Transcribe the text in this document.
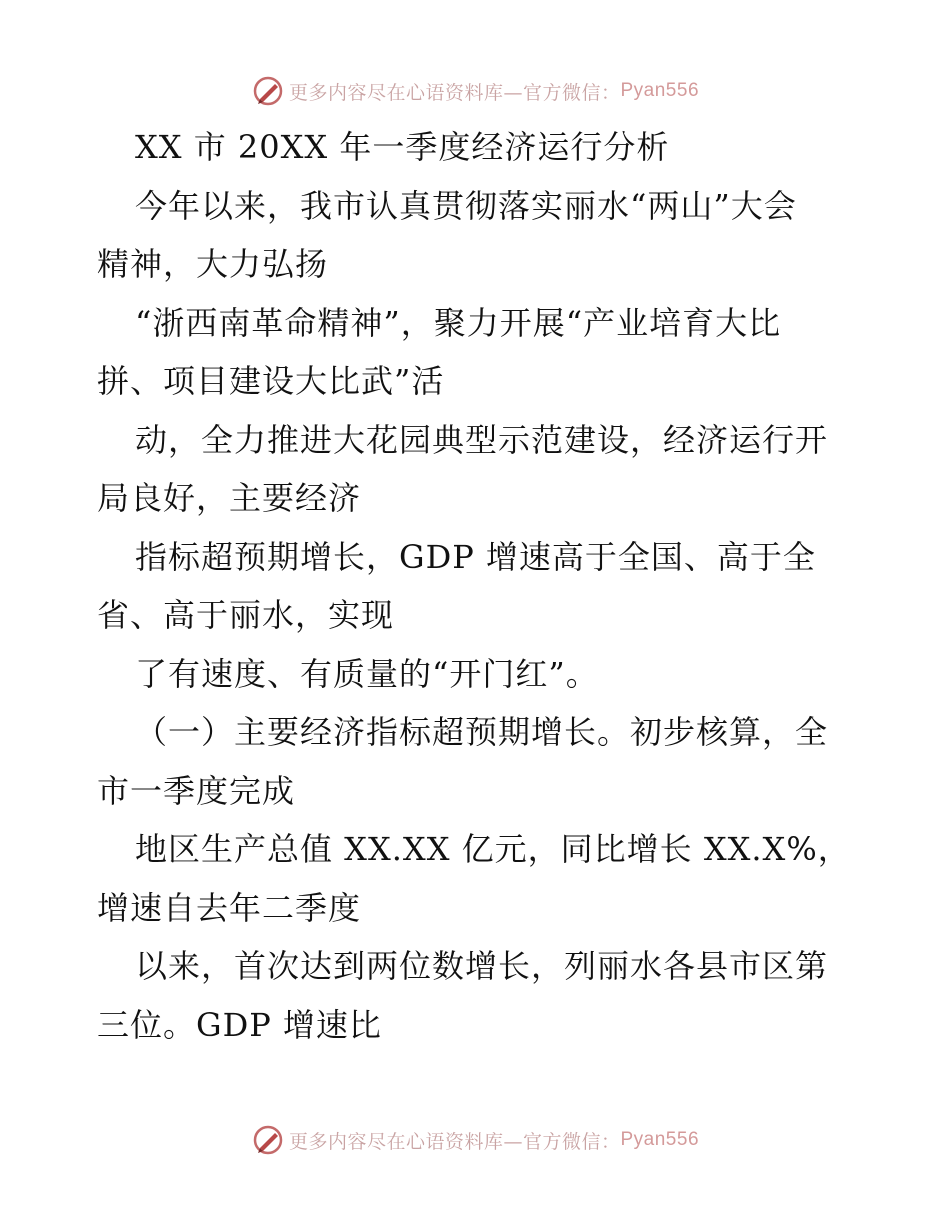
更多内容尽在心语资料库—官方微信： Pyan556
XX 市 20XX 年一季度经济运行分析
今年以来，我市认真贯彻落实丽水“两山”大会
精神，大力弘扬
“浙西南革命精神”，聚力开展“产业培育大比
拼、项目建设大比武”活
动，全力推进大花园典型示范建设，经济运行开
局良好，主要经济
指标超预期增长，GDP 增速高于全国、高于全
省、高于丽水，实现
了有速度、有质量的“开门红”。
（一）主要经济指标超预期增长。初步核算，全
市一季度完成
地区生产总值 XX.XX 亿元，同比增长 XX.X%，
增速自去年二季度
以来，首次达到两位数增长，列丽水各县市区第
三位。GDP 增速比
更多内容尽在心语资料库—官方微信： Pyan556
